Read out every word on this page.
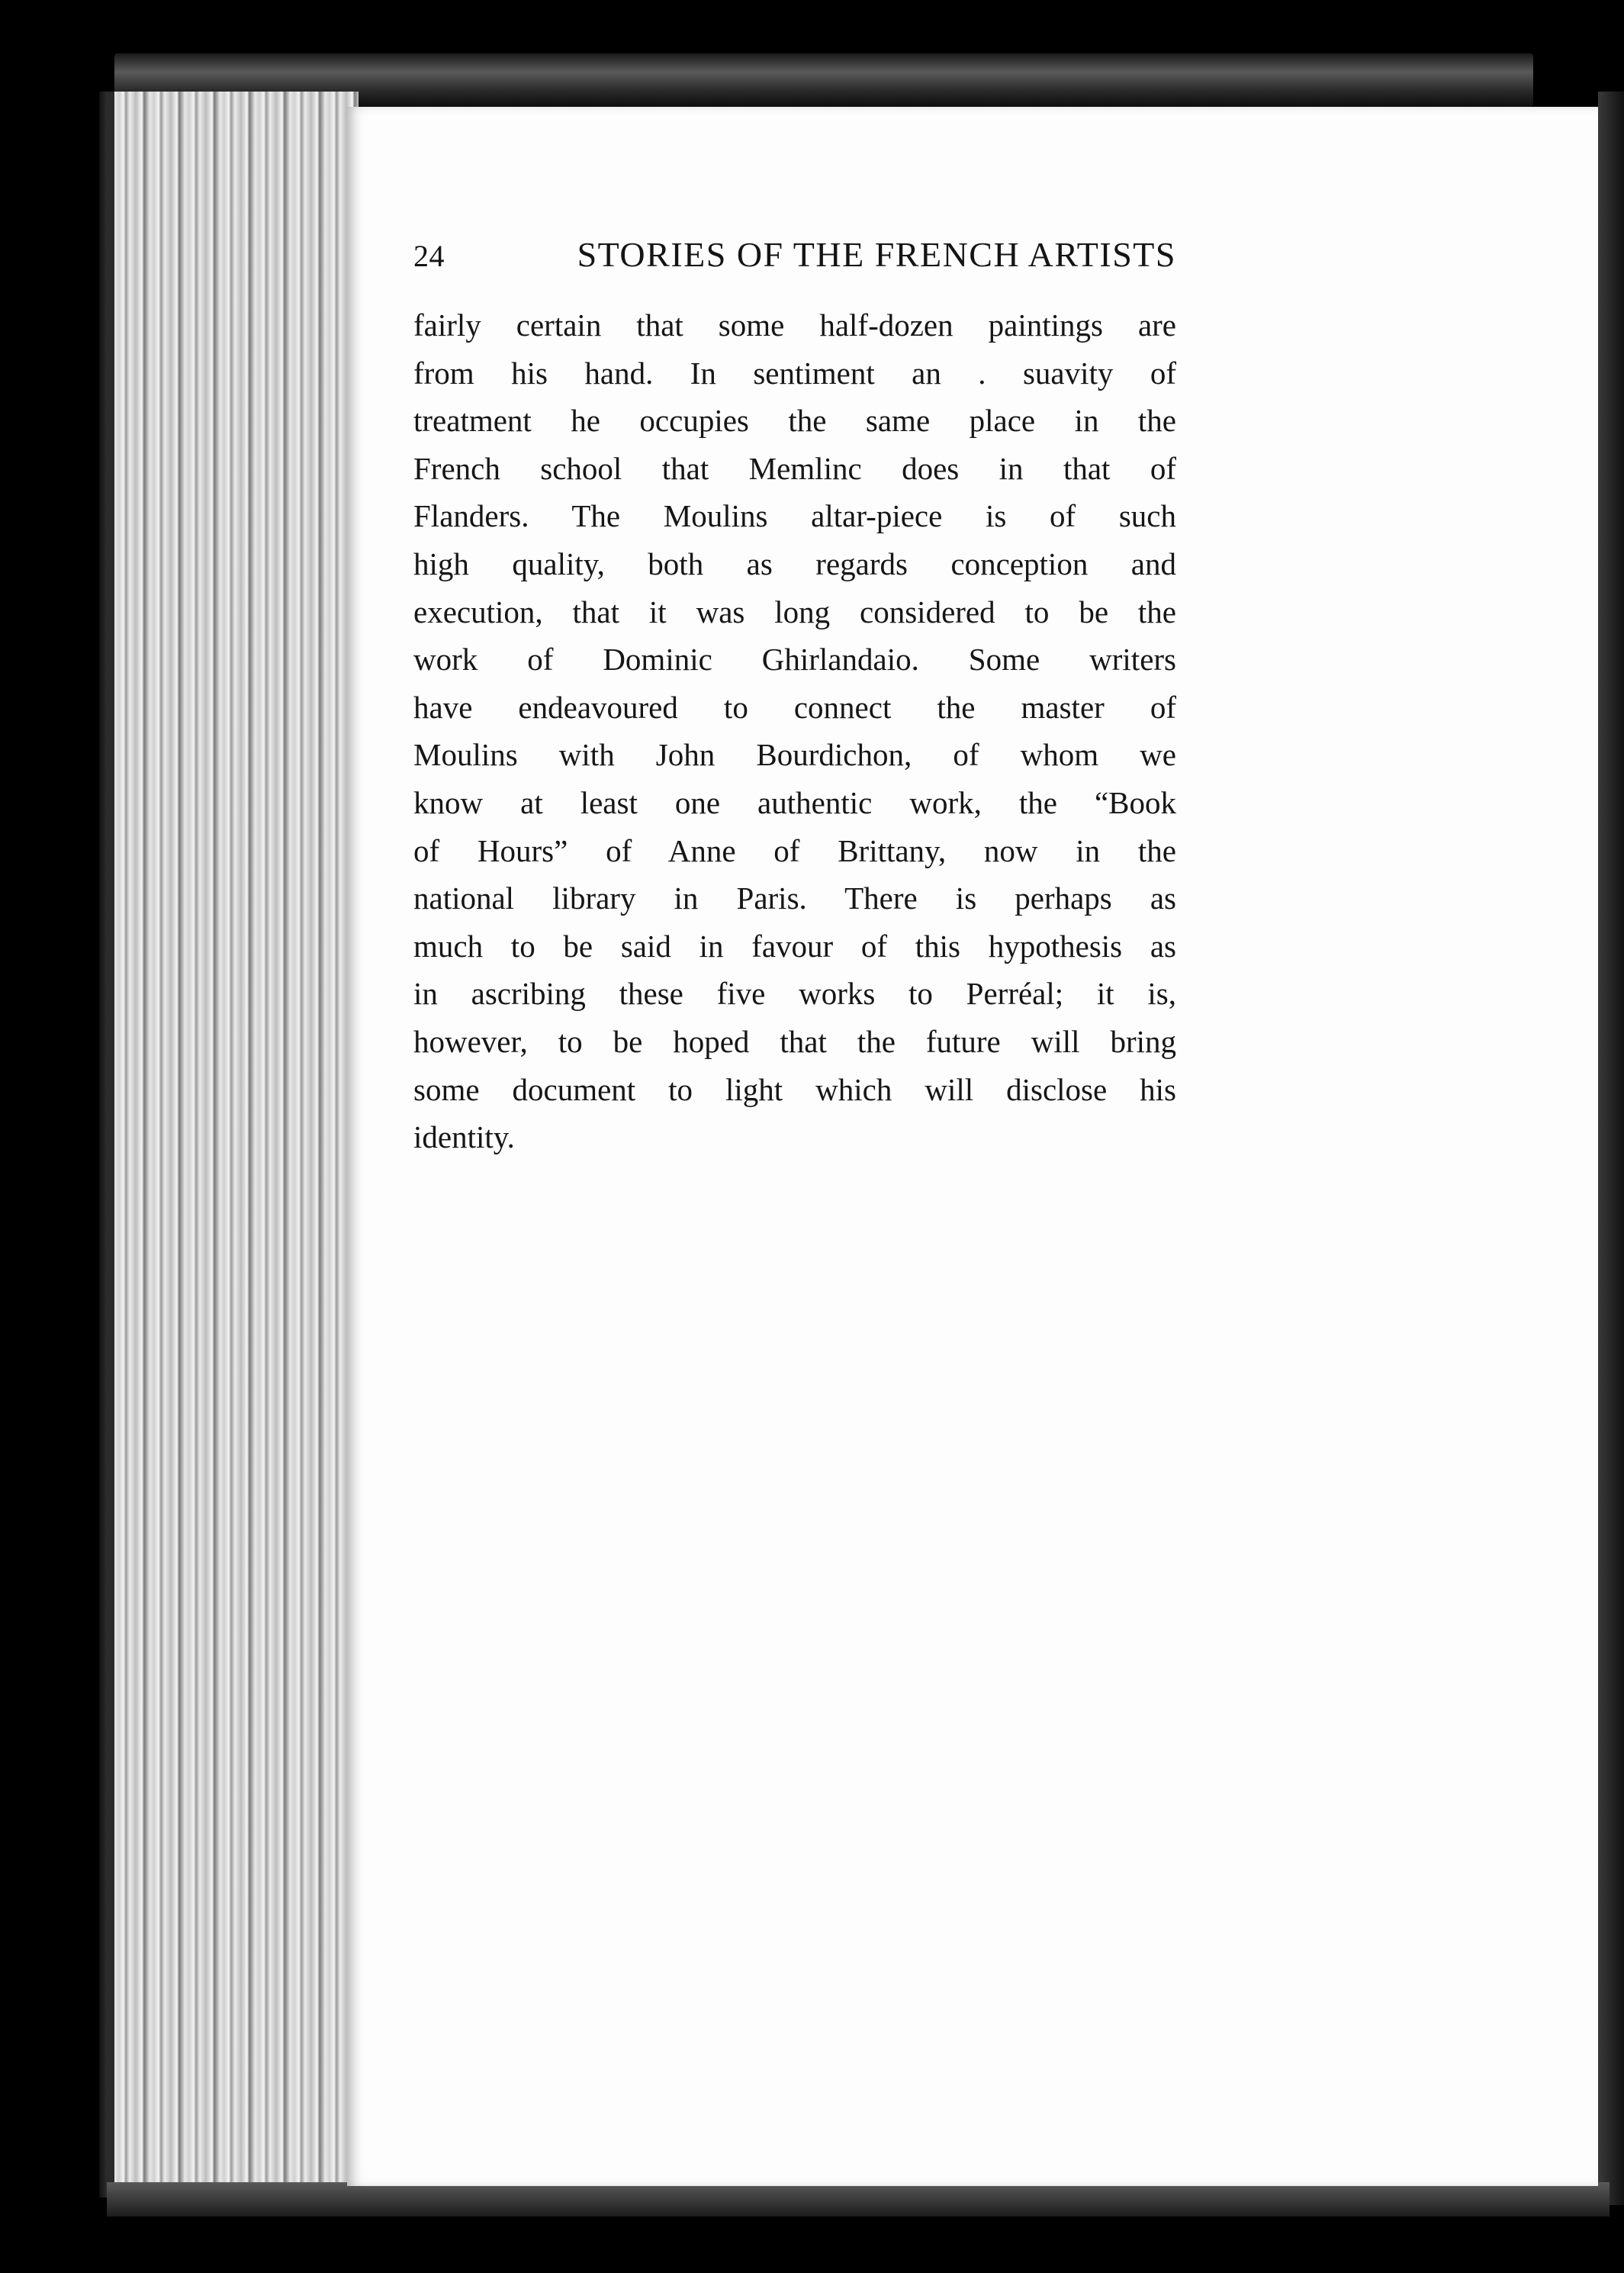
24	STORIES OF THE FRENCH ARTISTS
fairly certain that some half-dozen paintings are
from his hand. In sentiment an . suavity of
treatment he occupies the same place in the
French school that Memlinc does in that of
Flanders. The Moulins altar-piece is of such
high quality, both as regards conception and
execution, that it was long considered to be the
work of Dominic Ghirlandaio. Some writers
have endeavoured to connect the master of
Moulins with John Bourdichon, of whom we
know at least one authentic work, the “Book
of Hours” of Anne of Brittany, now in the
national library in Paris. There is perhaps as
much to be said in favour of this hypothesis as
in ascribing these five works to Perréal; it is,
however, to be hoped that the future will bring
some document to light which will disclose his
identity.
